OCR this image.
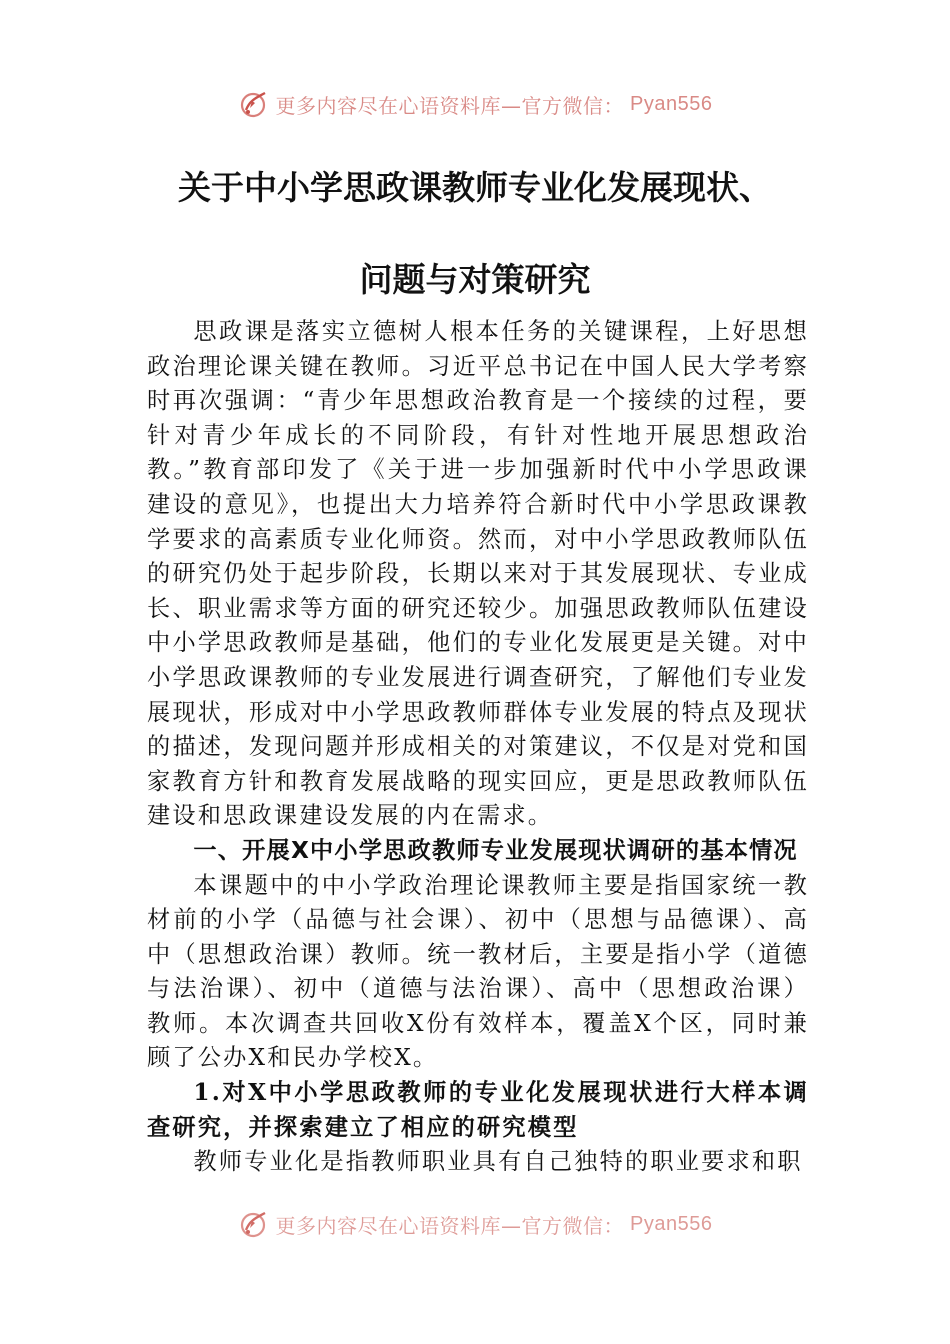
更多内容尽在心语资料库—官方微信： Pyan556
关于中小学思政课教师专业化发展现状、
问题与对策研究

思政课是落实立德树人根本任务的关键课程，上好思想政治理论课关键在教师。习近平总书记在中国人民大学考察时再次强调：“青少年思想政治教育是一个接续的过程，要针对青少年成长的不同阶段，有针对性地开展思想政治教。”教育部印发了《关于进一步加强新时代中小学思政课建设的意见》，也提出大力培养符合新时代中小学思政课教学要求的高素质专业化师资。然而，对中小学思政教师队伍的研究仍处于起步阶段，长期以来对于其发展现状、专业成长、职业需求等方面的研究还较少。加强思政教师队伍建设中小学思政教师是基础，他们的专业化发展更是关键。对中小学思政课教师的专业发展进行调查研究，了解他们专业发展现状，形成对中小学思政教师群体专业发展的特点及现状的描述，发现问题并形成相关的对策建议，不仅是对党和国家教育方针和教育发展战略的现实回应，更是思政教师队伍建设和思政课建设发展的内在需求。

一、开展X中小学思政教师专业发展现状调研的基本情况

本课题中的中小学政治理论课教师主要是指国家统一教材前的小学（品德与社会课）、初中（思想与品德课）、高中（思想政治课）教师。统一教材后，主要是指小学（道德与法治课）、初中（道德与法治课）、高中（思想政治课）教师。本次调查共回收X份有效样本，覆盖X个区，同时兼顾了公办X和民办学校X。

1.对X中小学思政教师的专业化发展现状进行大样本调查研究，并探索建立了相应的研究模型

教师专业化是指教师职业具有自己独特的职业要求和职

更多内容尽在心语资料库—官方微信： Pyan556
